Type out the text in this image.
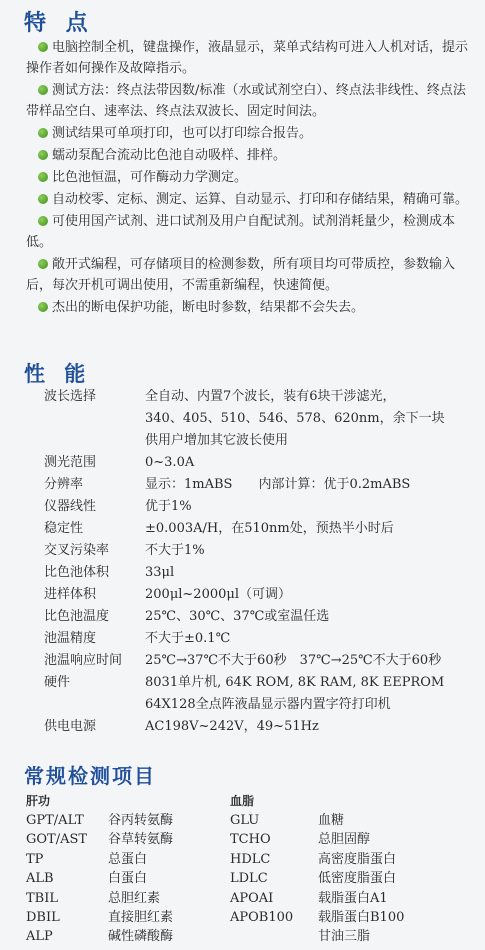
特 点
电脑控制全机，键盘操作，液晶显示，菜单式结构可进入人机对话，提示操作者如何操作及故障指示。
测试方法：终点法带因数/标准（水或试剂空白）、终点法非线性、终点法带样品空白、速率法、终点法双波长、固定时间法。
测试结果可单项打印，也可以打印综合报告。
蠕动泵配合流动比色池自动吸样、排样。
比色池恒温，可作酶动力学测定。
自动校零、定标、测定、运算、自动显示、打印和存储结果，精确可靠。
可使用国产试剂、进口试剂及用户自配试剂。试剂消耗量少，检测成本低。
敞开式编程，可存储项目的检测参数，所有项目均可带质控，参数输入后，每次开机可调出使用，不需重新编程，快速简便。
杰出的断电保护功能，断电时参数，结果都不会失去。
性 能
波长选择	全自动、内置7个波长，装有6块干涉滤光，
340、405、510、546、578、620nm，余下一块
供用户增加其它波长使用
测光范围	0~3.0A
分辨率	显示：1mABS　　内部计算：优于0.2mABS
仪器线性	优于1%
稳定性	±0.003A/H，在510nm处，预热半小时后
交叉污染率	不大于1%
比色池体积	33μl
进样体积	200μl~2000μl（可调）
比色池温度	25℃、30℃、37℃或室温任选
池温精度	不大于±0.1℃
池温响应时间	25℃→37℃不大于60秒　37℃→25℃不大于60秒
硬件	8031单片机, 64K ROM, 8K RAM, 8K EEPROM
64X128全点阵液晶显示器内置字符打印机
供电电源	AC198V~242V，49~51Hz
常规检测项目
肝功
GPT/ALT	谷丙转氨酶
GOT/AST	谷草转氨酶
TP	总蛋白
ALB	白蛋白
TBIL	总胆红素
DBIL	直接胆红素
ALP	碱性磷酸酶
血脂
GLU	血糖
TCHO	总胆固醇
HDLC	高密度脂蛋白
LDLC	低密度脂蛋白
APOAI	载脂蛋白A1
APOB100	载脂蛋白B100
甘油三脂
